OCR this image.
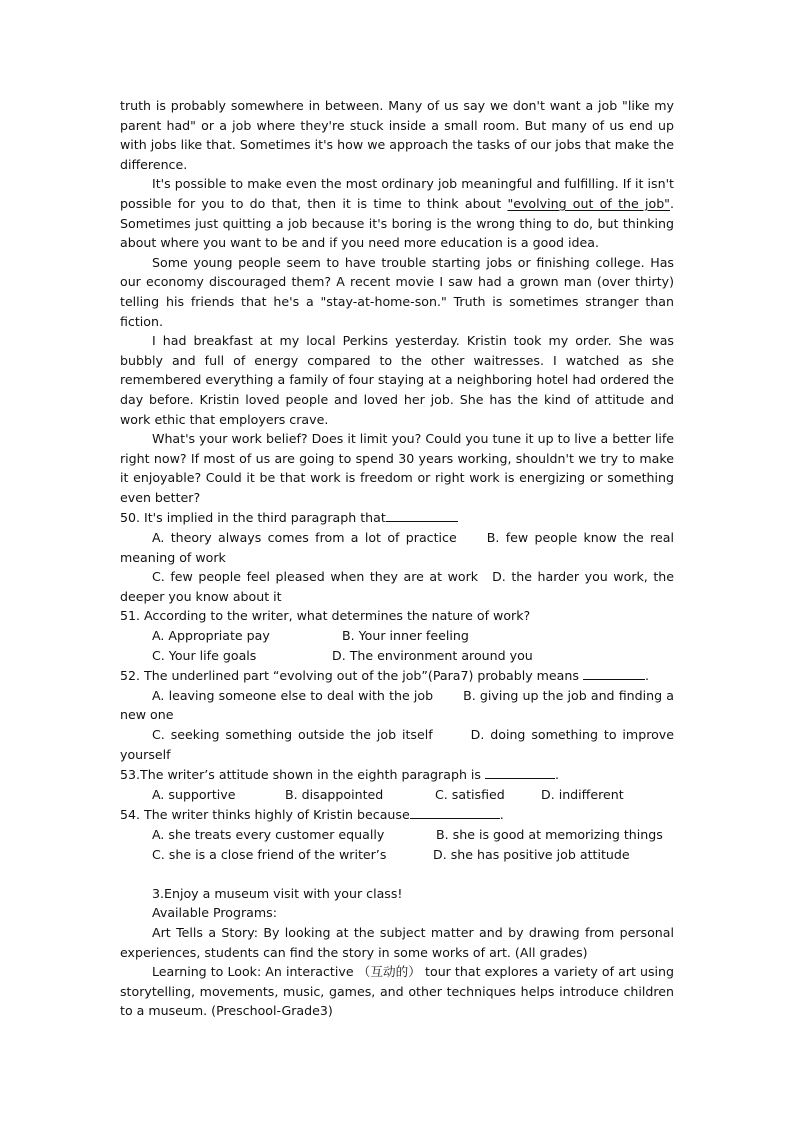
truth is probably somewhere in between. Many of us say we don't want a job "like my parent had" or a job where they're stuck inside a small room. But many of us end up with jobs like that. Sometimes it's how we approach the tasks of our jobs that make the difference.

It's possible to make even the most ordinary job meaningful and fulfilling. If it isn't possible for you to do that, then it is time to think about "evolving out of the job". Sometimes just quitting a job because it's boring is the wrong thing to do, but thinking about where you want to be and if you need more education is a good idea.

Some young people seem to have trouble starting jobs or finishing college. Has our economy discouraged them? A recent movie I saw had a grown man (over thirty) telling his friends that he's a "stay-at-home-son." Truth is sometimes stranger than fiction.

I had breakfast at my local Perkins yesterday. Kristin took my order. She was bubbly and full of energy compared to the other waitresses. I watched as she remembered everything a family of four staying at a neighboring hotel had ordered the day before. Kristin loved people and loved her job. She has the kind of attitude and work ethic that employers crave.

What's your work belief? Does it limit you? Could you tune it up to live a better life right now? If most of us are going to spend 30 years working, shouldn't we try to make it enjoyable? Could it be that work is freedom or right work is energizing or something even better?

50. It's implied in the third paragraph that

A. theory always comes from a lot of practice B. few people know the real meaning of work

C. few people feel pleased when they are at work D. the harder you work, the deeper you know about it

51. According to the writer, what determines the nature of work?

A. Appropriate pay	B. Your inner feeling

C. Your life goals	D. The environment around you

52. The underlined part “evolving out of the job”(Para7) probably means	.

A. leaving someone else to deal with the job B. giving up the job and finding a new one

C. seeking something outside the job itself	D. doing something to improve yourself

53.The writer’s attitude shown in the eighth paragraph is	.

A. supportive	B. disappointed	C. satisfied	D. indifferent

54. The writer thinks highly of Kristin because	.

A. she treats every customer equally	B. she is good at memorizing things

C. she is a close friend of the writer’s	D. she has positive job attitude

3.Enjoy a museum visit with your class!

Available Programs:

Art Tells a Story: By looking at the subject matter and by drawing from personal experiences, students can find the story in some works of art. (All grades)

Learning to Look: An interactive （互动的） tour that explores a variety of art using storytelling, movements, music, games, and other techniques helps introduce children to a museum. (Preschool-Grade3)
